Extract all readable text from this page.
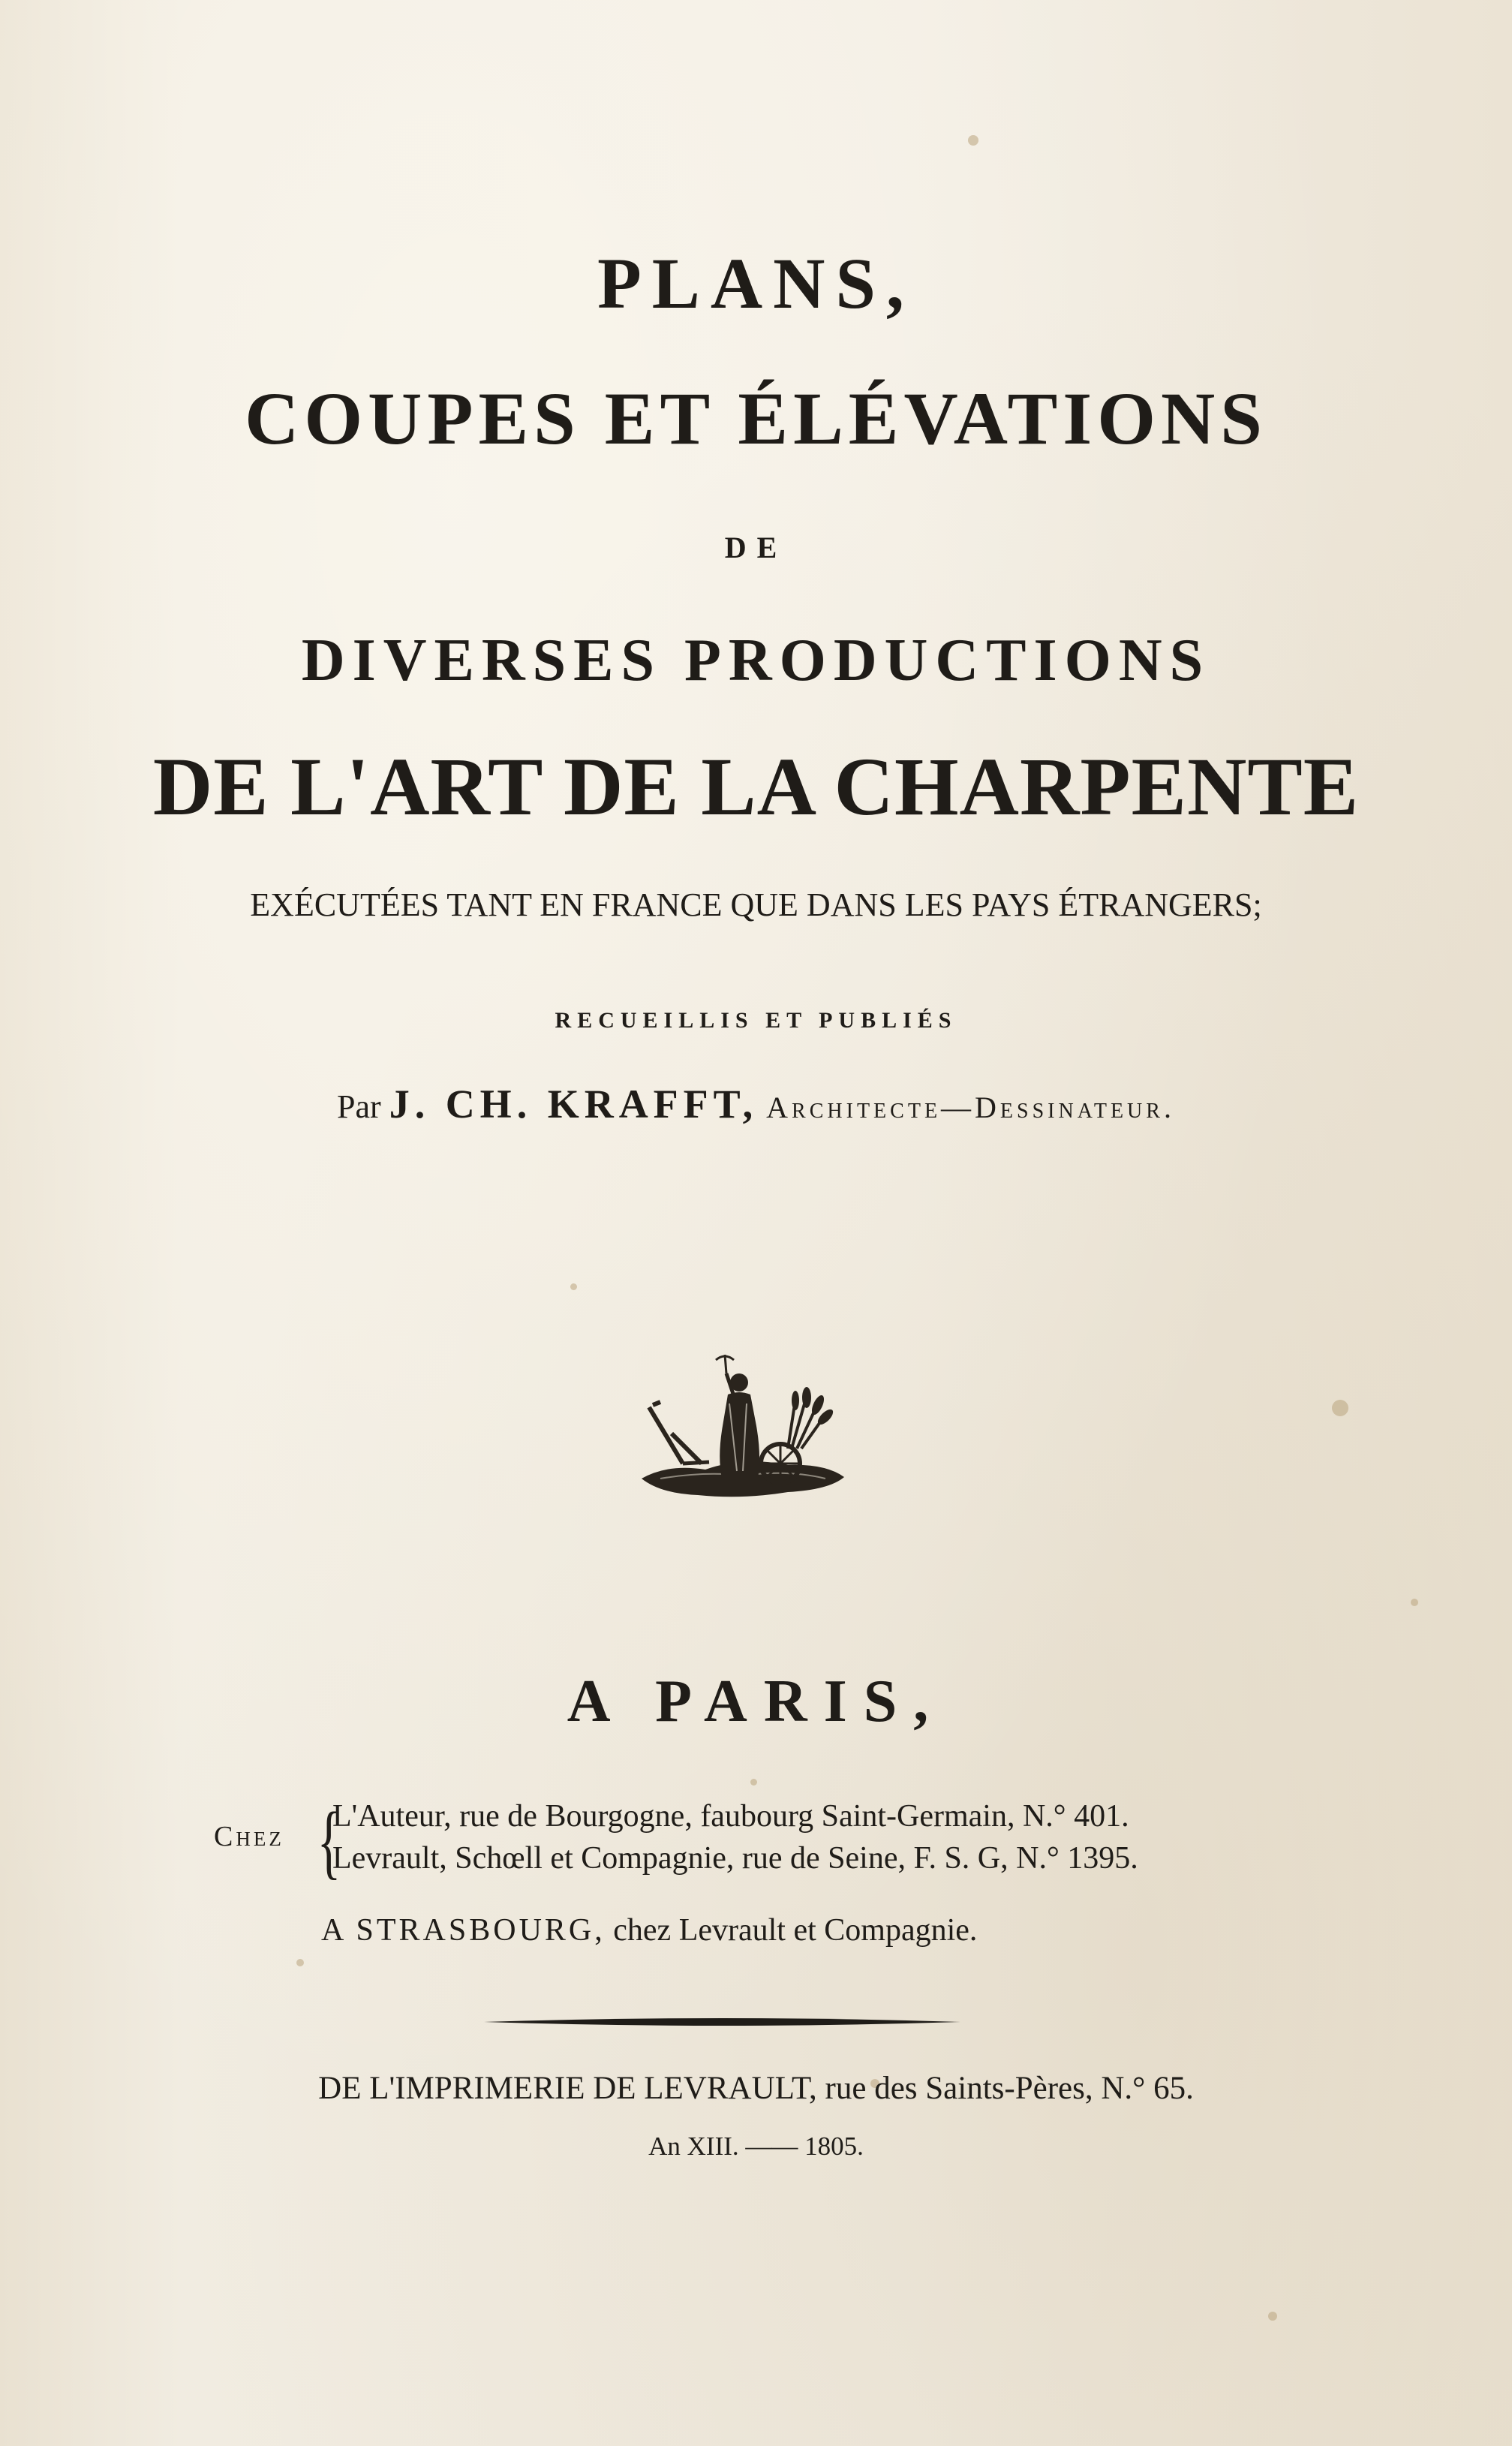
PLANS,

COUPES ET ÉLÉVATIONS

DE

DIVERSES PRODUCTIONS

DE L'ART DE LA CHARPENTE

EXÉCUTÉES TANT EN FRANCE QUE DANS LES PAYS ÉTRANGERS;

RECUEILLIS ET PUBLIÉS

Par J. CH. KRAFFT, Architecte—Dessinateur.

A PARIS,

Chez {
L'Auteur, rue de Bourgogne, faubourg Saint-Germain, N.° 401.
Levrault, Schœll et Compagnie, rue de Seine, F. S. G, N.° 1395.
A STRASBOURG, chez Levrault et Compagnie.

DE L'IMPRIMERIE DE LEVRAULT, rue des Saints-Pères, N.° 65.

An XIII. —— 1805.
